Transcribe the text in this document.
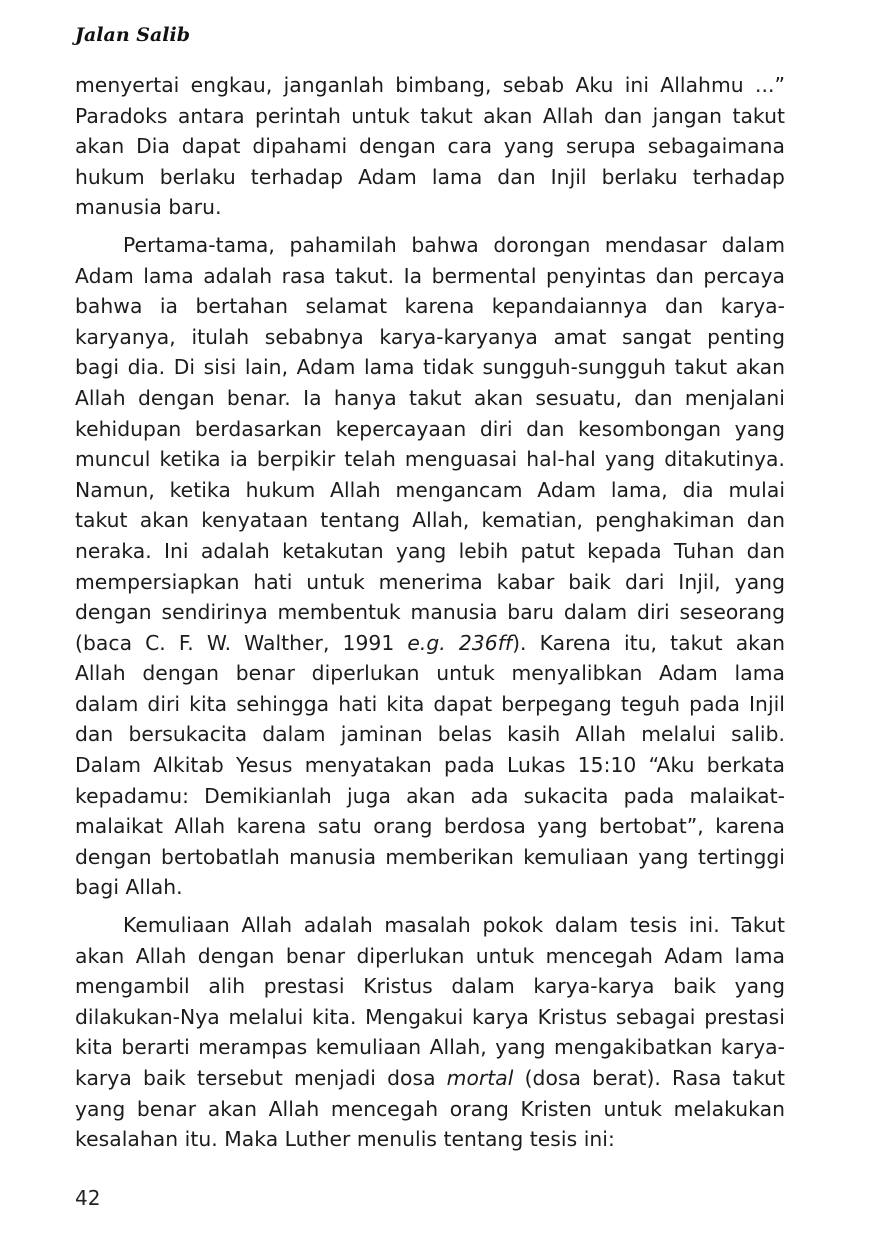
Jalan Salib

menyertai engkau, janganlah bimbang, sebab Aku ini Allahmu ...”
Paradoks antara perintah untuk takut akan Allah dan jangan takut
akan Dia dapat dipahami dengan cara yang serupa sebagaimana
hukum berlaku terhadap Adam lama dan Injil berlaku terhadap
manusia baru.

Pertama-tama, pahamilah bahwa dorongan mendasar dalam
Adam lama adalah rasa takut. Ia bermental penyintas dan percaya
bahwa ia bertahan selamat karena kepandaiannya dan karya-
karyanya, itulah sebabnya karya-karyanya amat sangat penting
bagi dia. Di sisi lain, Adam lama tidak sungguh-sungguh takut akan
Allah dengan benar. Ia hanya takut akan sesuatu, dan menjalani
kehidupan berdasarkan kepercayaan diri dan kesombongan yang
muncul ketika ia berpikir telah menguasai hal-hal yang ditakutinya.
Namun, ketika hukum Allah mengancam Adam lama, dia mulai
takut akan kenyataan tentang Allah, kematian, penghakiman dan
neraka. Ini adalah ketakutan yang lebih patut kepada Tuhan dan
mempersiapkan hati untuk menerima kabar baik dari Injil, yang
dengan sendirinya membentuk manusia baru dalam diri seseorang
(baca C. F. W. Walther, 1991 e.g. 236ff). Karena itu, takut akan
Allah dengan benar diperlukan untuk menyalibkan Adam lama
dalam diri kita sehingga hati kita dapat berpegang teguh pada Injil
dan bersukacita dalam jaminan belas kasih Allah melalui salib.
Dalam Alkitab Yesus menyatakan pada Lukas 15:10 “Aku berkata
kepadamu: Demikianlah juga akan ada sukacita pada malaikat-
malaikat Allah karena satu orang berdosa yang bertobat”, karena
dengan bertobatlah manusia memberikan kemuliaan yang tertinggi
bagi Allah.

Kemuliaan Allah adalah masalah pokok dalam tesis ini. Takut
akan Allah dengan benar diperlukan untuk mencegah Adam lama
mengambil alih prestasi Kristus dalam karya-karya baik yang
dilakukan-Nya melalui kita. Mengakui karya Kristus sebagai prestasi
kita berarti merampas kemuliaan Allah, yang mengakibatkan karya-
karya baik tersebut menjadi dosa mortal (dosa berat). Rasa takut
yang benar akan Allah mencegah orang Kristen untuk melakukan
kesalahan itu. Maka Luther menulis tentang tesis ini:

42
